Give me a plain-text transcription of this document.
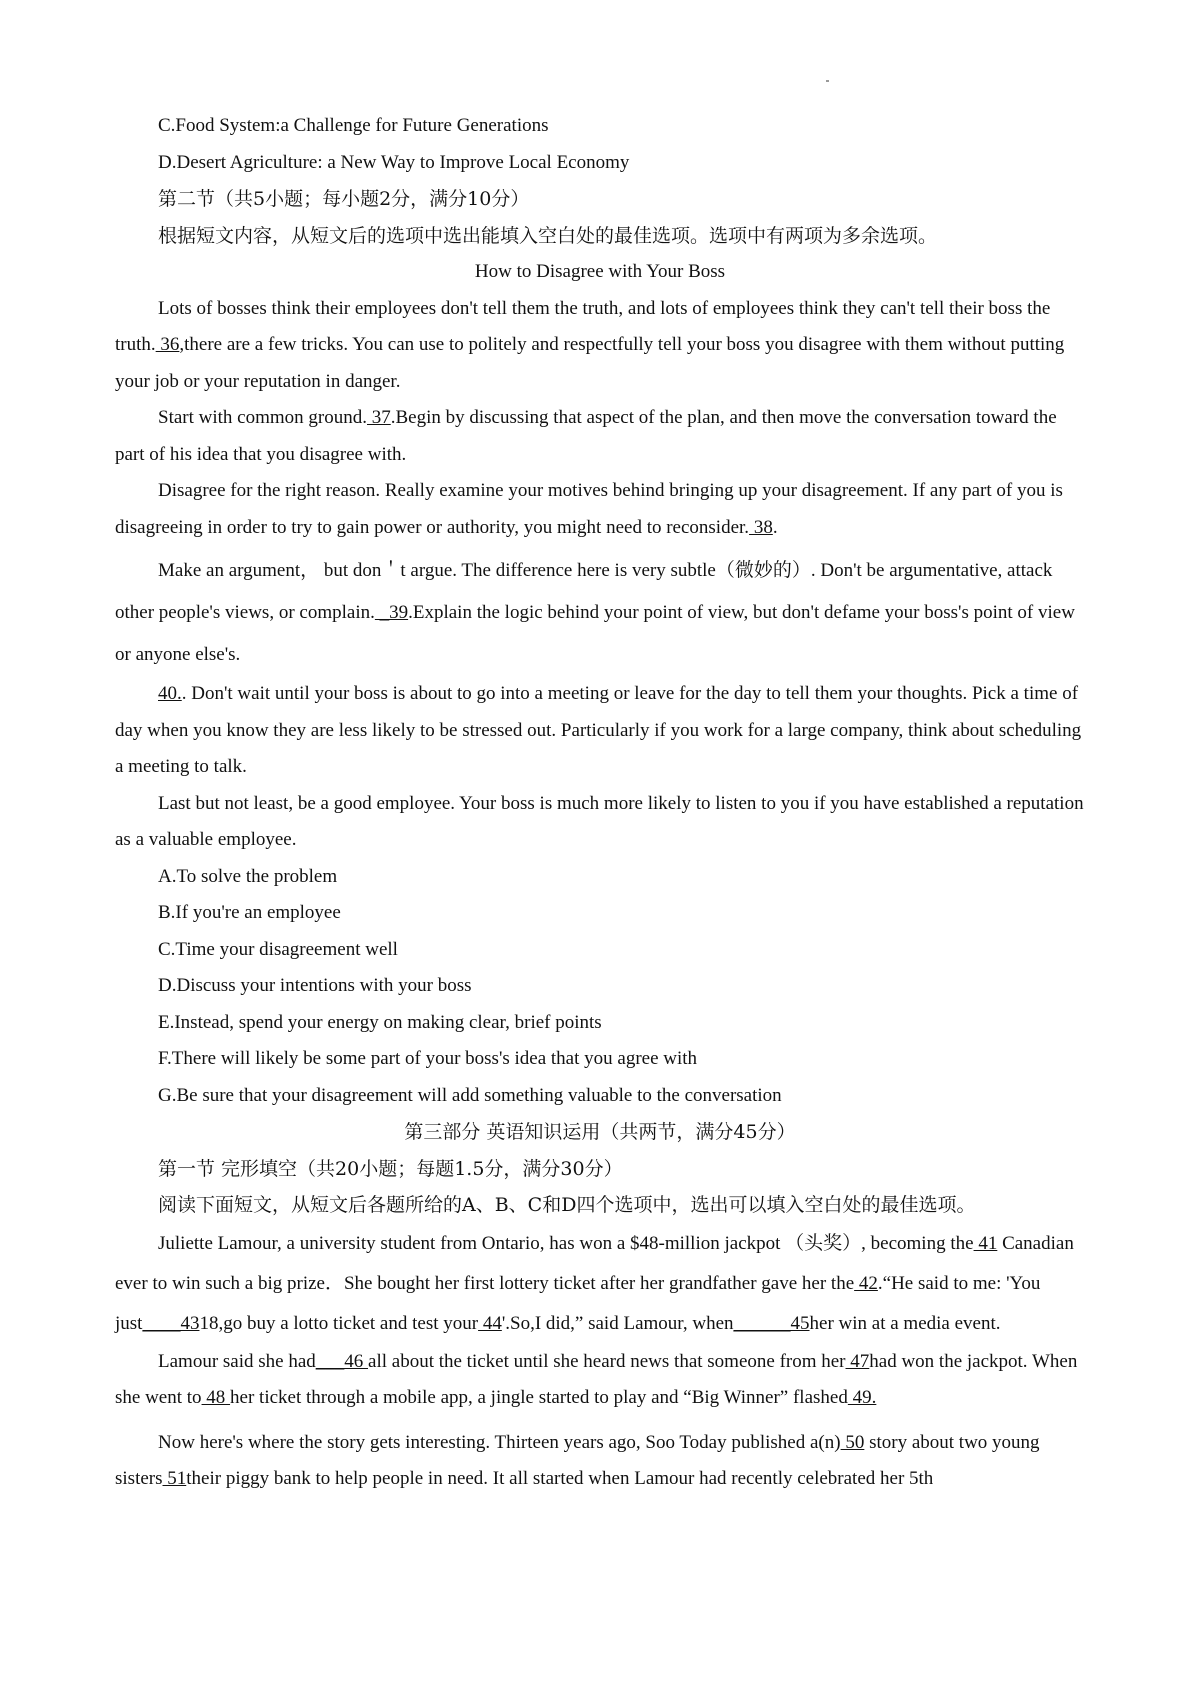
C.Food System:a Challenge for Future Generations

D.Desert Agriculture: a New Way to Improve Local Economy

第二节（共5小题；每小题2分，满分10分）

根据短文内容，从短文后的选项中选出能填入空白处的最佳选项。选项中有两项为多余选项。

How to Disagree with Your Boss

Lots of bosses think their employees don't tell them the truth, and lots of employees think they can't tell their boss the truth. 36,there are a few tricks. You can use to politely and respectfully tell your boss you disagree with them without putting your job or your reputation in danger.

Start with common ground. 37.Begin by discussing that aspect of the plan, and then move the conversation toward the part of his idea that you disagree with.

Disagree for the right reason. Really examine your motives behind bringing up your disagreement. If any part of you is disagreeing in order to try to gain power or authority, you might need to reconsider. 38.

Make an argument， but don＇t argue. The difference here is very subtle（微妙的）. Don't be argumentative, attack other people's views, or complain. _39.Explain the logic behind your point of view, but don't defame your boss's point of view or anyone else's.

40.. Don't wait until your boss is about to go into a meeting or leave for the day to tell them your thoughts. Pick a time of day when you know they are less likely to be stressed out. Particularly if you work for a large company, think about scheduling a meeting to talk.

Last but not least, be a good employee. Your boss is much more likely to listen to you if you have established a reputation as a valuable employee.

A.To solve the problem

B.If you're an employee

C.Time your disagreement well

D.Discuss your intentions with your boss

E.Instead, spend your energy on making clear, brief points

F.There will likely be some part of your boss's idea that you agree with

G.Be sure that your disagreement will add something valuable to the conversation

第三部分 英语知识运用（共两节，满分45分）

第一节 完形填空（共20小题；每题1.5分，满分30分）

阅读下面短文，从短文后各题所给的A、B、C和D四个选项中，选出可以填入空白处的最佳选项。

Juliette Lamour, a university student from Ontario, has won a $48-million jackpot （头奖）, becoming the 41 Canadian ever to win such a big prize．She bought her first lottery ticket after her grandfather gave her the 42.“He said to me: 'You just____4318,go buy a lotto ticket and test your 44'.So,I did,” said Lamour, when______45her win at a media event.

Lamour said she had___46 all about the ticket until she heard news that someone from her 47had won the jackpot. When she went to 48 her ticket through a mobile app, a jingle started to play and “Big Winner” flashed 49.

Now here's where the story gets interesting. Thirteen years ago, Soo Today published a(n) 50 story about two young sisters 51their piggy bank to help people in need. It all started when Lamour had recently celebrated her 5th
